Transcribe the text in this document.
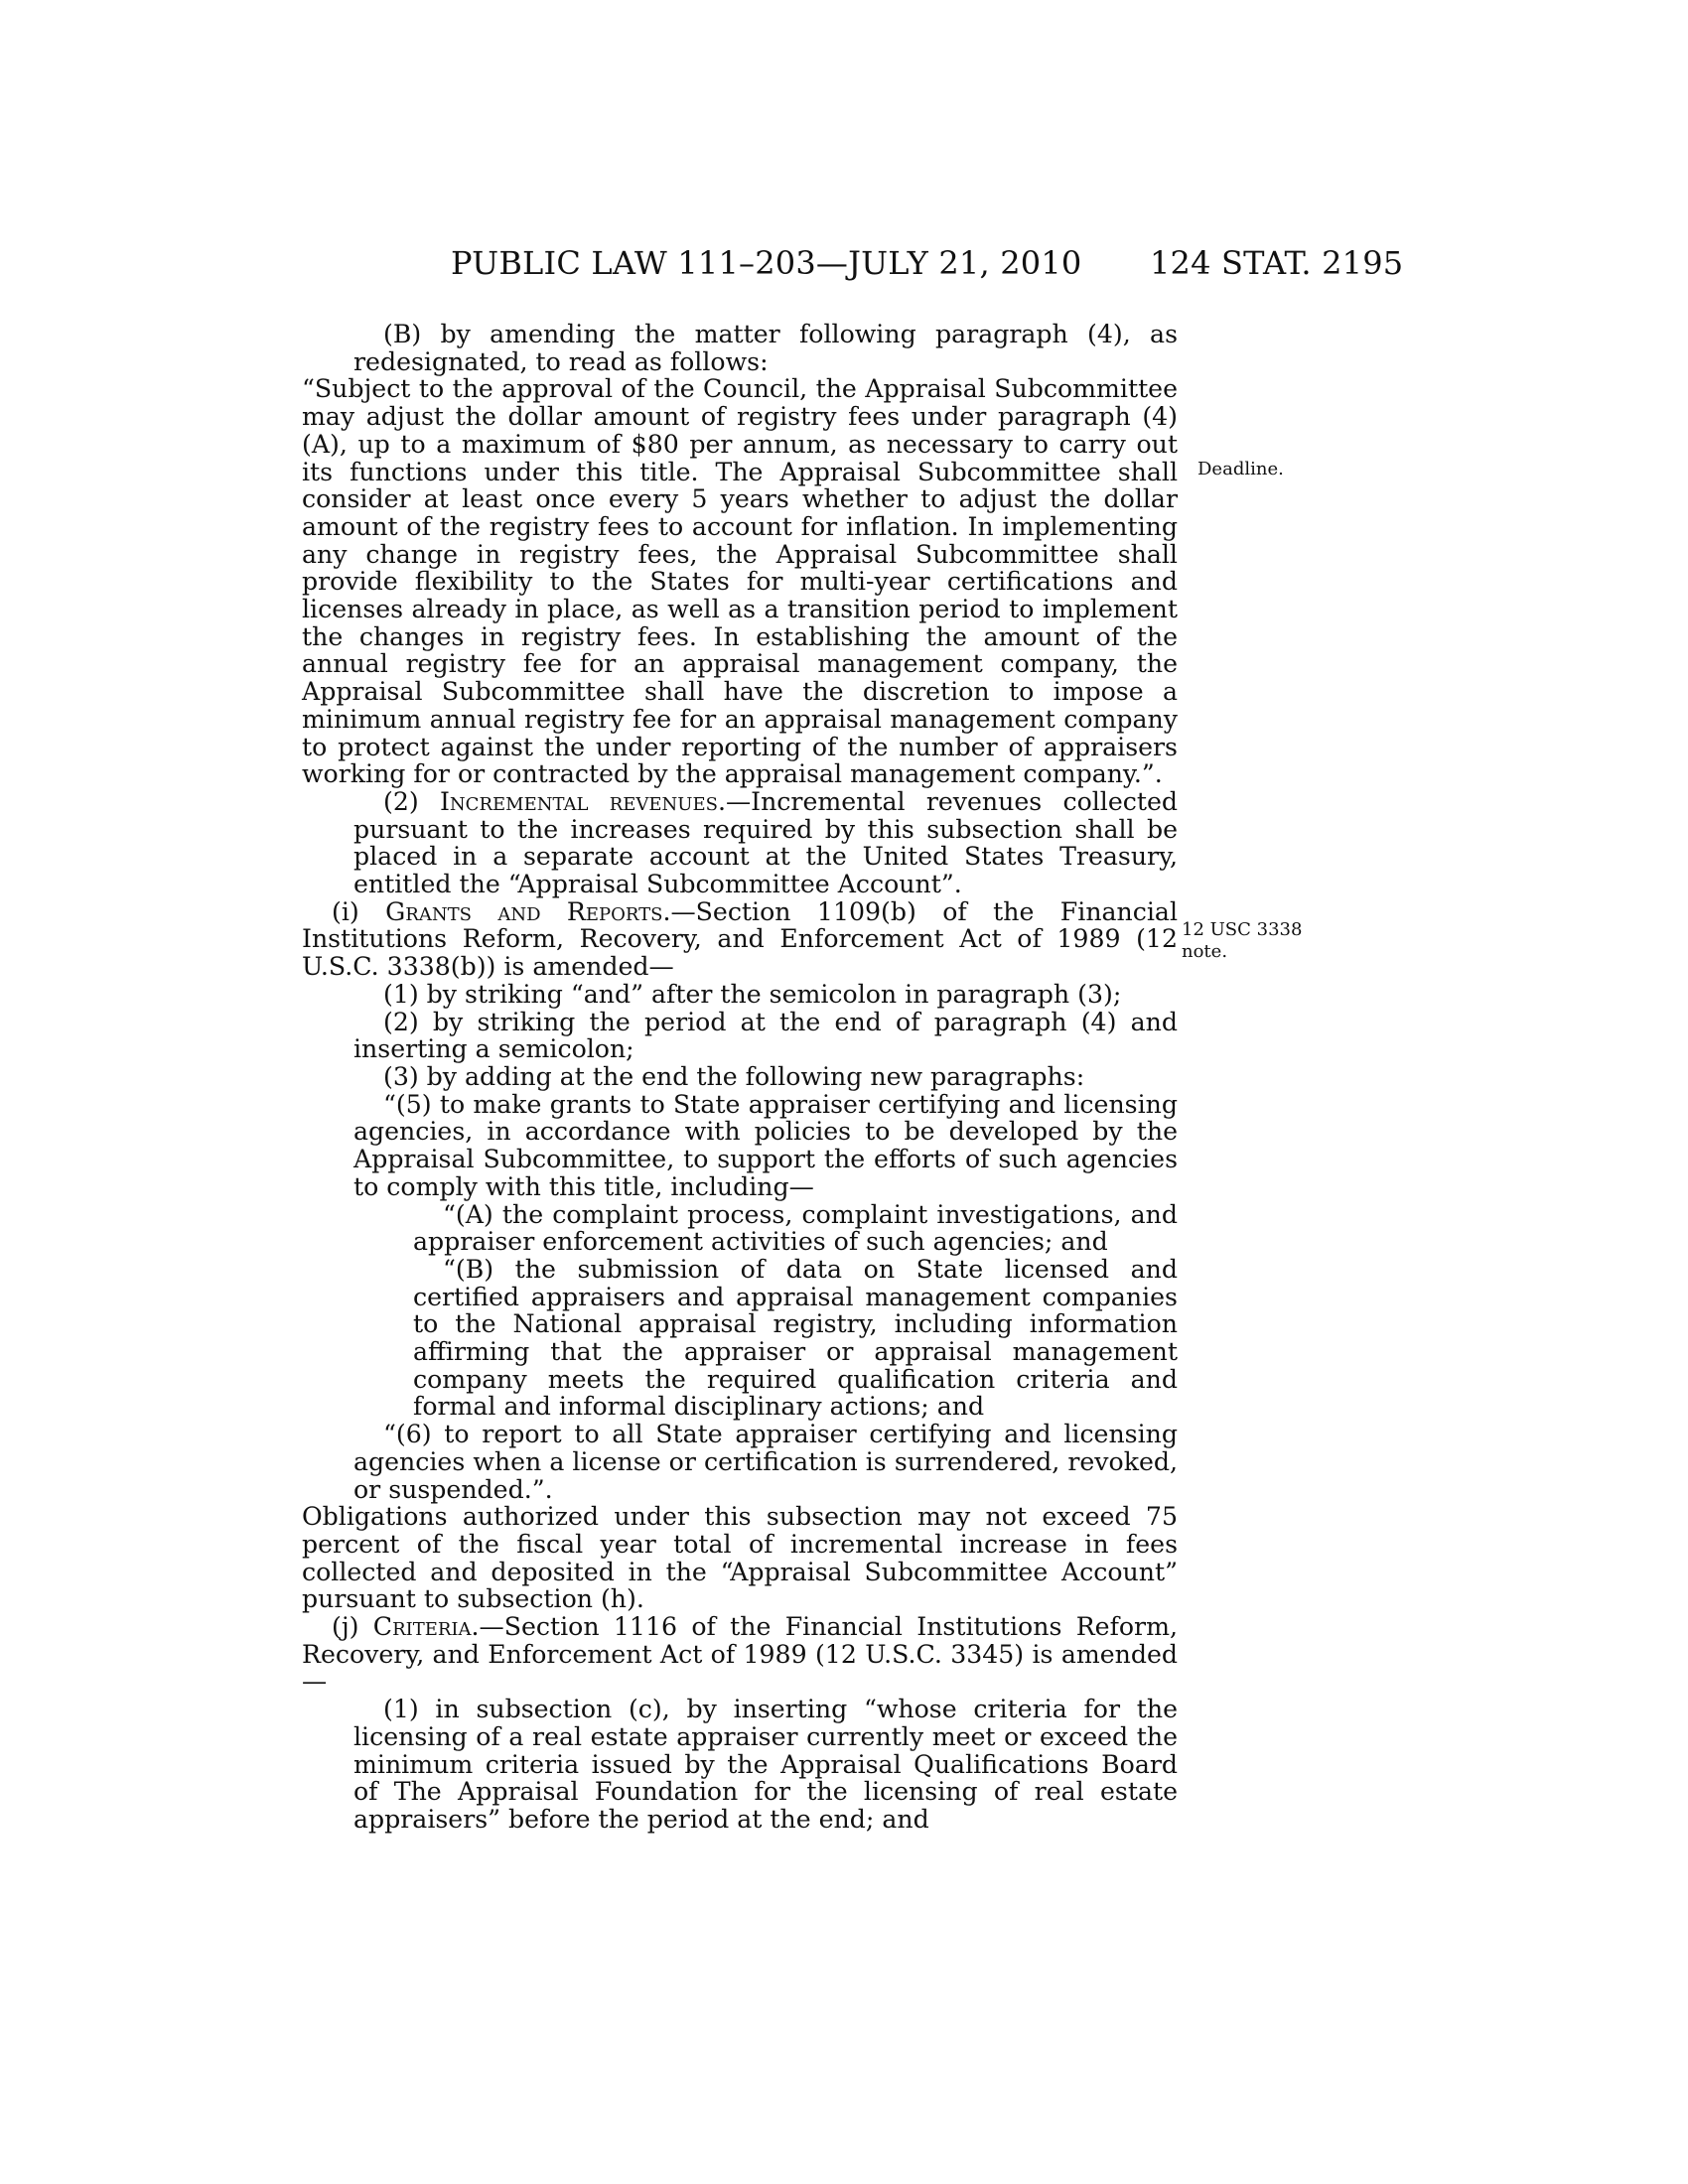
PUBLIC LAW 111–203—JULY 21, 2010 124 STAT. 2195

(B) by amending the matter following paragraph (4), as redesignated, to read as follows:

“Subject to the approval of the Council, the Appraisal Subcommittee may adjust the dollar amount of registry fees under paragraph (4)(A), up to a maximum of $80 per annum, as necessary to carry out its functions under this title. The Appraisal Subcommittee shall consider at least once every 5 years whether to adjust the dollar amount of the registry fees to account for inflation. In implementing any change in registry fees, the Appraisal Subcommittee shall provide flexibility to the States for multi-year certifications and licenses already in place, as well as a transition period to implement the changes in registry fees. In establishing the amount of the annual registry fee for an appraisal management company, the Appraisal Subcommittee shall have the discretion to impose a minimum annual registry fee for an appraisal management company to protect against the under reporting of the number of appraisers working for or contracted by the appraisal management company.”.

(2) Incremental revenues.—Incremental revenues collected pursuant to the increases required by this subsection shall be placed in a separate account at the United States Treasury, entitled the “Appraisal Subcommittee Account”.

(i) Grants and Reports.—Section 1109(b) of the Financial Institutions Reform, Recovery, and Enforcement Act of 1989 (12 U.S.C. 3338(b)) is amended—

(1) by striking “and” after the semicolon in paragraph (3);

(2) by striking the period at the end of paragraph (4) and inserting a semicolon;

(3) by adding at the end the following new paragraphs:

“(5) to make grants to State appraiser certifying and licensing agencies, in accordance with policies to be developed by the Appraisal Subcommittee, to support the efforts of such agencies to comply with this title, including—

“(A) the complaint process, complaint investigations, and appraiser enforcement activities of such agencies; and

“(B) the submission of data on State licensed and certified appraisers and appraisal management companies to the National appraisal registry, including information affirming that the appraiser or appraisal management company meets the required qualification criteria and formal and informal disciplinary actions; and

“(6) to report to all State appraiser certifying and licensing agencies when a license or certification is surrendered, revoked, or suspended.”.

Obligations authorized under this subsection may not exceed 75 percent of the fiscal year total of incremental increase in fees collected and deposited in the “Appraisal Subcommittee Account” pursuant to subsection (h).

(j) Criteria.—Section 1116 of the Financial Institutions Reform, Recovery, and Enforcement Act of 1989 (12 U.S.C. 3345) is amended—

(1) in subsection (c), by inserting “whose criteria for the licensing of a real estate appraiser currently meet or exceed the minimum criteria issued by the Appraisal Qualifications Board of The Appraisal Foundation for the licensing of real estate appraisers” before the period at the end; and

Deadline.
12 USC 3338
note.
